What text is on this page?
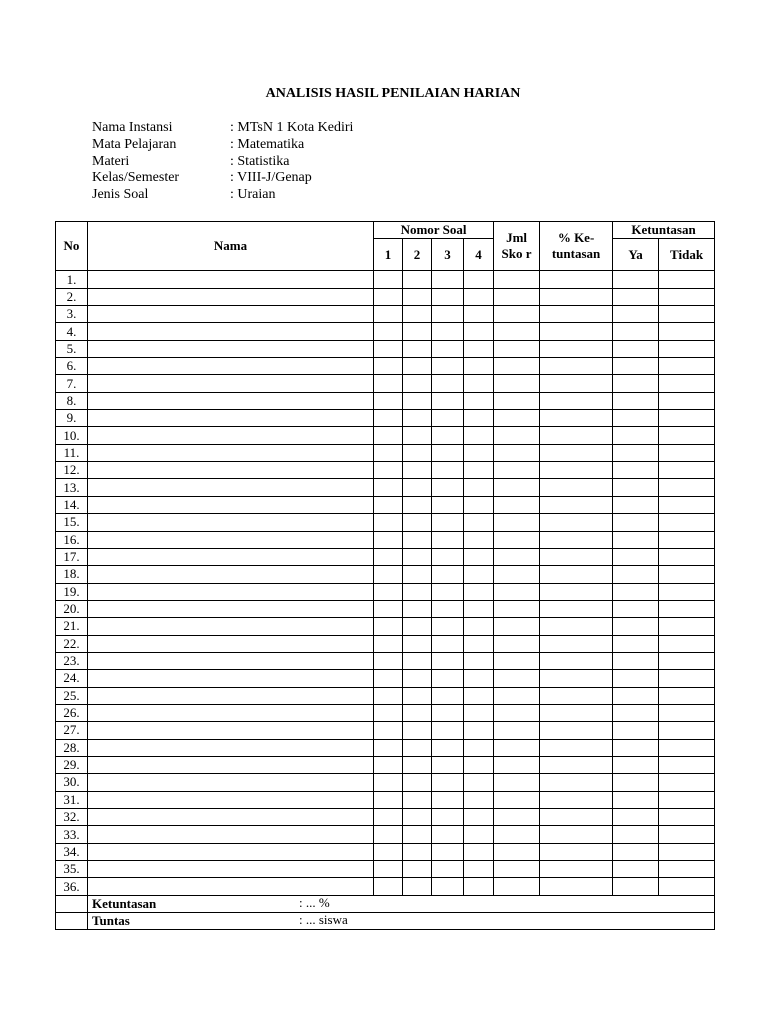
ANALISIS HASIL PENILAIAN HARIAN
Nama Instansi	: MTsN 1 Kota Kediri
Mata Pelajaran	: Matematika
Materi	: Statistika
Kelas/Semester	: VIII-J/Genap
Jenis Soal	: Uraian
No	Nama	Nomor Soal				Jml Sko r	% Ke- tuntasan	Ketuntasan	
		1	2	3	4			Ya	Tidak
1.									
2.									
3.									
4.									
5.									
6.									
7.									
8.									
9.									
10.									
11.									
12.									
13.									
14.									
15.									
16.									
17.									
18.									
19.									
20.									
21.									
22.									
23.									
24.									
25.									
26.									
27.									
28.									
29.									
30.									
31.									
32.									
33.									
34.									
35.									
36.									
	Ketuntasan : ... %								

	Tuntas : ... siswa								
